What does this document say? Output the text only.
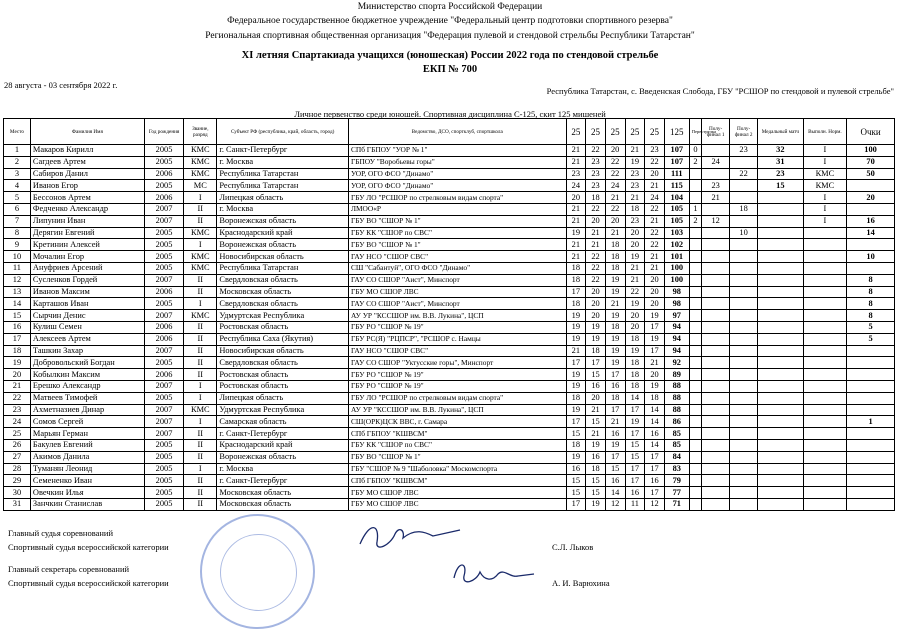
Министерство спорта Российской Федерации
Федеральное государственное бюджетное учреждение "Федеральный центр подготовки спортивного резерва"
Региональная спортивная общественная организация "Федерация пулевой и стендовой стрельбы Республики Татарстан"
XI летняя Спартакиада учащихся (юношеская) России 2022 года по стендовой стрельбе
ЕКП № 700
28 августа - 03 сентября 2022 г.
Республика Татарстан, с. Введенская Слобода, ГБУ "РСШОР по стендовой и пулевой стрельбе"
Личное первенство среди юношей. Спортивная дисциплина С-125, скит 125 мишеней
Место	Фамилия Имя	Год рождения	Звание, разряд	Субъект РФ (республика, край, область, город)	Ведомство, ДСО, спортклуб, спортшкола	25	25	25	25	25	125	Перестрелка	Полу-финал 1	Полу-финал 2	Медальный матч	Выполн. Норм.	Очки
1	Макаров Кирилл	2005	КМС	г. Санкт-Петербург	СПб ГБПОУ "УОР № 1"	21	22	20	21	23	107	0		23	32	I	100
2	Сагдеев Артем	2005	КМС	г. Москва	ГБПОУ "Воробьевы горы"	21	23	22	19	22	107	2	24		31	I	70
3	Сабиров Данил	2006	КМС	Республика Татарстан	УОР, ОГО ФСО "Динамо"	23	23	22	23	20	111			22	23	КМС	50
4	Иванов Егор	2005	МС	Республика Татарстан	УОР, ОГО ФСО "Динамо"	24	23	24	23	21	115		23		15	КМС	
5	Бессонов Артем	2006	I	Липецкая область	ГБУ ЛО "РСШОР по стрелковым видам спорта"	20	18	21	21	24	104		21			I	20
6	Федченко Александр	2007	II	г. Москва	ЛМОО«Р	21	22	22	18	22	105	1		18		I	
7	Липунин Иван	2007	II	Воронежская область	ГБУ ВО "СШОР № 1"	21	20	20	23	21	105	2	12			I	16
8	Дерягин Евгений	2005	КМС	Краснодарский край	ГБУ КК "СШОР по СВС"	19	21	21	20	22	103			10			14
9	Кретинин Алексей	2005	I	Воронежская область	ГБУ ВО "СШОР № 1"	21	21	18	20	22	102						
10	Мочалин Егор	2005	КМС	Новосибирская область	ГАУ НСО "СШОР СВС"	21	22	18	19	21	101						10
11	Ануфриев Арсений	2005	КМС	Республика Татарстан	СШ "Сабантуй", ОГО ФСО "Динамо"	18	22	18	21	21	100						
12	Сусленков Гордей	2007	II	Свердловская область	ГАУ СО СШОР "Аист", Минспорт	18	22	19	21	20	100						8
13	Иванов Максим	2006	II	Московская область	ГБУ МО СШОР ЛВС	17	20	19	22	20	98						8
14	Карташов Иван	2005	I	Свердловская область	ГАУ СО СШОР "Аист", Минспорт	18	20	21	19	20	98						8
15	Сырчин Денис	2007	КМС	Удмуртская Республика	АУ УР "КССШОР им. В.В. Лукина", ЦСП	19	20	19	20	19	97						8
16	Кулиш Семен	2006	II	Ростовская область	ГБУ РО "СШОР № 19"	19	19	18	20	17	94						5
17	Алексеев Артем	2006	II	Республика Саха (Якутия)	ГБУ РС(Я) "РЦПСР", "РСШОР с. Намцы	19	19	19	18	19	94						5
18	Ташкин Захар	2007	II	Новосибирская область	ГАУ НСО "СШОР СВС"	21	18	19	19	17	94						
19	Добровольский Богдан	2005	II	Свердловская область	ГАУ СО СШОР "Уктусские горы", Минспорт	17	17	19	18	21	92						
20	Кобылкин Максим	2006	II	Ростовская область	ГБУ РО "СШОР № 19"	19	15	17	18	20	89						
21	Ерешко Александр	2007	I	Ростовская область	ГБУ РО "СШОР № 19"	19	16	16	18	19	88						
22	Матвеев Тимофей	2005	I	Липецкая область	ГБУ ЛО "РСШОР по стрелковым видам спорта"	18	20	18	14	18	88						
23	Ахметназиев Динар	2007	КМС	Удмуртская Республика	АУ УР "КССШОР им. В.В. Лукина", ЦСП	19	21	17	17	14	88						
24	Сомов Сергей	2007	I	Самарская область	СШ(ОРК)ЦСК ВВС, г. Самара	17	15	21	19	14	86						1
25	Марьян Герман	2007	II	г. Санкт-Петербург	СПб ГБПОУ "КШВСМ"	15	21	16	17	16	85						
26	Бакулев Евгений	2005	II	Краснодарский край	ГБУ КК "СШОР по СВС"	18	19	19	15	14	85						
27	Акимов Данила	2005	II	Воронежская область	ГБУ ВО "СШОР № 1"	19	16	17	15	17	84						
28	Туманян Леонид	2005	I	г. Москва	ГБУ "СШОР № 9 "Шаболовка" Москомспорта	16	18	15	17	17	83						
29	Семененко Иван	2005	II	г. Санкт-Петербург	СПб ГБПОУ "КШВСМ"	15	15	16	17	16	79						
30	Овечкин Илья	2005	II	Московская область	ГБУ МО СШОР ЛВС	15	15	14	16	17	77						
31	Занчкин Станислав	2005	II	Московская область	ГБУ МО СШОР ЛВС	17	19	12	11	12	71						
Главный судья соревнований
Спортивный судья всероссийской категории	С.Л. Лыков
Главный секретарь соревнований
Спортивный судья всероссийской категории	А. И. Варюхина
